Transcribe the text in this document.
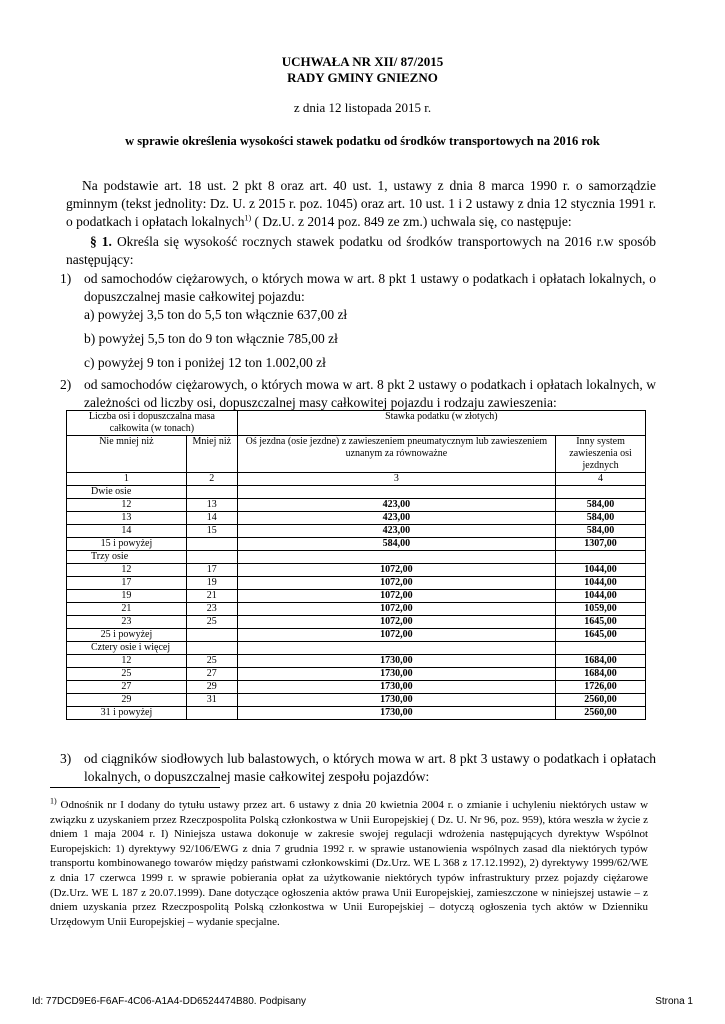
UCHWAŁA NR XII/ 87/2015
RADY GMINY GNIEZNO
z dnia 12 listopada 2015 r.
w sprawie określenia wysokości stawek podatku od środków transportowych na 2016 rok
Na podstawie art. 18 ust. 2 pkt 8 oraz art. 40 ust. 1, ustawy z dnia 8 marca 1990 r. o samorządzie gminnym (tekst jednolity: Dz. U. z 2015 r. poz. 1045) oraz art. 10 ust. 1 i 2 ustawy z dnia 12 stycznia 1991 r. o podatkach i opłatach lokalnych$^{1)}$ ( Dz.U. z 2014 poz. 849 ze zm.) uchwala się, co następuje:
§ 1. Określa się wysokość rocznych stawek podatku od środków transportowych na 2016 r.w sposób następujący:
1) od samochodów ciężarowych, o których mowa w art. 8 pkt 1 ustawy o podatkach i opłatach lokalnych, o dopuszczalnej masie całkowitej pojazdu:
a) powyżej 3,5 ton do 5,5 ton włącznie 637,00 zł
b) powyżej 5,5 ton do 9 ton włącznie 785,00 zł
c) powyżej 9 ton i poniżej 12 ton 1.002,00 zł
2) od samochodów ciężarowych, o których mowa w art. 8 pkt 2 ustawy o podatkach i opłatach lokalnych, w zależności od liczby osi, dopuszczalnej masy całkowitej pojazdu i rodzaju zawieszenia:
Liczba osi i dopuszczalna masa całkowita (w tonach)		Stawka podatku (w złotych)	
Nie mniej niż	Mniej niż	Oś jezdna (osie jezdne) z zawieszeniem pneumatycznym lub zawieszeniem uznanym za równoważne	Inny system zawieszenia osi jezdnych
1	2	3	4
Dwie osie			
12	13	423,00	584,00
13	14	423,00	584,00
14	15	423,00	584,00
15 i powyżej		584,00	1307,00
Trzy osie			
12	17	1072,00	1044,00
17	19	1072,00	1044,00
19	21	1072,00	1044,00
21	23	1072,00	1059,00
23	25	1072,00	1645,00
25 i powyżej		1072,00	1645,00
Cztery osie i więcej			
12	25	1730,00	1684,00
25	27	1730,00	1684,00
27	29	1730,00	1726,00
29	31	1730,00	2560,00
31 i powyżej		1730,00	2560,00
3) od ciągników siodłowych lub balastowych, o których mowa w art. 8 pkt 3 ustawy o podatkach i opłatach lokalnych, o dopuszczalnej masie całkowitej zespołu pojazdów:
$^{1)}$ Odnośnik nr I dodany do tytułu ustawy przez art. 6 ustawy z dnia 20 kwietnia 2004 r. o zmianie i uchyleniu niektórych ustaw w związku z uzyskaniem przez Rzeczpospolita Polską członkostwa w Unii Europejskiej ( Dz. U. Nr 96, poz. 959), która weszła w życie z dniem 1 maja 2004 r. I) Niniejsza ustawa dokonuje w zakresie swojej regulacji wdrożenia następujących dyrektyw Wspólnot Europejskich: 1) dyrektywy 92/106/EWG z dnia 7 grudnia 1992 r. w sprawie ustanowienia wspólnych zasad dla niektórych typów transportu kombinowanego towarów między państwami członkowskimi (Dz.Urz. WE L 368 z 17.12.1992), 2) dyrektywy 1999/62/WE z dnia 17 czerwca 1999 r. w sprawie pobierania opłat za użytkowanie niektórych typów infrastruktury przez pojazdy ciężarowe (Dz.Urz. WE L 187 z 20.07.1999). Dane dotyczące ogłoszenia aktów prawa Unii Europejskiej, zamieszczone w niniejszej ustawie – z dniem uzyskania przez Rzeczpospolitą Polską członkostwa w Unii Europejskiej – dotyczą ogłoszenia tych aktów w Dzienniku Urzędowym Unii Europejskiej – wydanie specjalne.
Id: 77DCD9E6-F6AF-4C06-A1A4-DD6524474B80. Podpisany	Strona 1
